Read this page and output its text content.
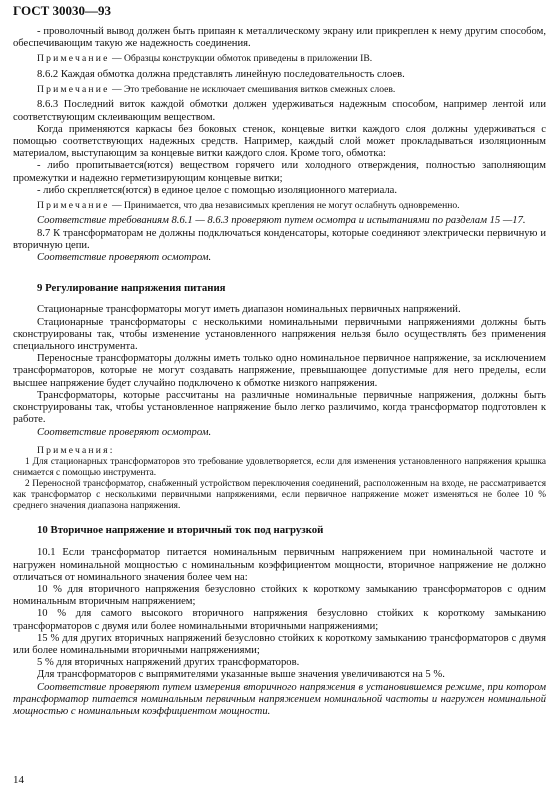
ГОСТ 30030—93

- проволочный вывод должен быть припаян к металлическому экрану или прикреплен к нему другим способом, обеспечивающим такую же надежность соединения.

Примечание — Образцы конструкции обмоток приведены в приложении IB.

8.6.2 Каждая обмотка должна представлять линейную последовательность слоев.

Примечание — Это требование не исключает смешивания витков смежных слоев.

8.6.3 Последний виток каждой обмотки должен удерживаться надежным способом, например лентой или соответствующим склеивающим веществом.

Когда применяются каркасы без боковых стенок, концевые витки каждого слоя должны удерживаться с помощью соответствующих надежных средств. Например, каждый слой может прокладываться изоляционным материалом, выступающим за концевые витки каждого слоя. Кроме того, обмотка:

- либо пропитывается(ются) веществом горячего или холодного отверждения, полностью заполняющим промежутки и надежно герметизирующим концевые витки;

- либо скрепляется(ются) в единое целое с помощью изоляционного материала.

Примечание — Принимается, что два независимых крепления не могут ослабнуть одновременно.

Соответствие требованиям 8.6.1 — 8.6.3 проверяют путем осмотра и испытаниями по разделам 15 —17.

8.7 К трансформаторам не должны подключаться конденсаторы, которые соединяют электрически первичную и вторичную цепи.

Соответствие проверяют осмотром.

9 Регулирование напряжения питания

Стационарные трансформаторы могут иметь диапазон номинальных первичных напряжений.

Стационарные трансформаторы с несколькими номинальными первичными напряжениями должны быть сконструированы так, чтобы изменение установленного напряжения нельзя было осуществлять без применения специального инструмента.

Переносные трансформаторы должны иметь только одно номинальное первичное напряжение, за исключением трансформаторов, которые не могут создавать напряжение, превышающее допустимые для него пределы, если высшее напряжение будет случайно подключено к обмотке низкого напряжения.

Трансформаторы, которые рассчитаны на различные номинальные первичные напряжения, должны быть сконструированы так, чтобы установленное напряжение было легко различимо, когда трансформатор подготовлен к работе.

Соответствие проверяют осмотром.

Примечания:

1 Для стационарных трансформаторов это требование удовлетворяется, если для изменения установленного напряжения крышка снимается с помощью инструмента.

2 Переносной трансформатор, снабженный устройством переключения соединений, расположенным на входе, не рассматривается как трансформатор с несколькими первичными напряжениями, если первичное напряжение может изменяться не более 10 % среднего значения диапазона напряжения.

10 Вторичное напряжение и вторичный ток под нагрузкой

10.1 Если трансформатор питается номинальным первичным напряжением при номинальной частоте и нагружен номинальной мощностью с номинальным коэффициентом мощности, вторичное напряжение не должно отличаться от номинального значения более чем на:

10 % для вторичного напряжения безусловно стойких к короткому замыканию трансформаторов с одним номинальным вторичным напряжением;

10 % для самого высокого вторичного напряжения безусловно стойких к короткому замыканию трансформаторов с двумя или более номинальными вторичными напряжениями;

15 % для других вторичных напряжений безусловно стойких к короткому замыканию трансформаторов с двумя или более номинальными вторичными напряжениями;

5 % для вторичных напряжений других трансформаторов.

Для трансформаторов с выпрямителями указанные выше значения увеличиваются на 5 %.

Соответствие проверяют путем измерения вторичного напряжения в установившемся режиме, при котором трансформатор питается номинальным первичным напряжением номинальной частоты и нагружен номинальной мощностью с номинальным коэффициентом мощности.

14
